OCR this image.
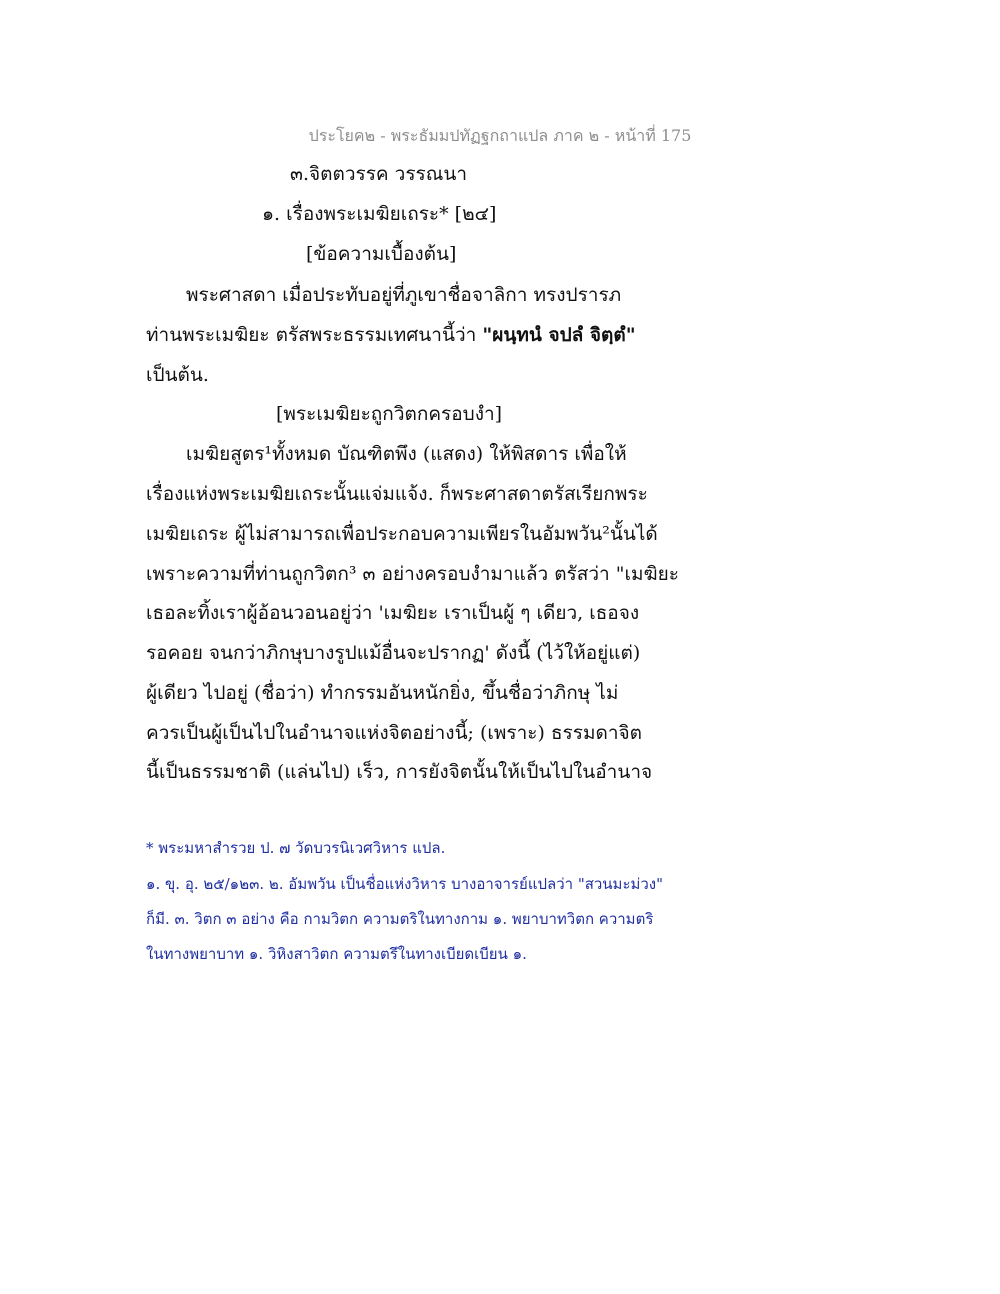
ประโยค๒ - พระธัมมปทัฏฐกถาแปล ภาค ๒ - หน้าที่ 175
๓.จิตตวรรค วรรณนา
๑. เรื่องพระเมฆิยเถระ* [๒๔]
[ข้อความเบื้องต้น]
พระศาสดา เมื่อประทับอยู่ที่ภูเขาชื่อจาลิกา ทรงปรารภ
ท่านพระเมฆิยะ ตรัสพระธรรมเทศนานี้ว่า "ผนฺทนํ จปลํ จิตฺตํ"
เป็นต้น.
[พระเมฆิยะถูกวิตกครอบงำ]
เมฆิยสูตร¹ทั้งหมด บัณฑิตพึง (แสดง) ให้พิสดาร เพื่อให้
เรื่องแห่งพระเมฆิยเถระนั้นแจ่มแจ้ง. ก็พระศาสดาตรัสเรียกพระ
เมฆิยเถระ ผู้ไม่สามารถเพื่อประกอบความเพียรในอัมพวัน²นั้นได้
เพราะความที่ท่านถูกวิตก³ ๓ อย่างครอบงำมาแล้ว ตรัสว่า "เมฆิยะ
เธอละทิ้งเราผู้อ้อนวอนอยู่ว่า 'เมฆิยะ เราเป็นผู้ ๆ เดียว, เธอจง
รอคอย จนกว่าภิกษุบางรูปแม้อื่นจะปรากฏ' ดังนี้ (ไว้ให้อยู่แต่)
ผู้เดียว ไปอยู่ (ชื่อว่า) ทำกรรมอันหนักยิ่ง, ขึ้นชื่อว่าภิกษุ ไม่
ควรเป็นผู้เป็นไปในอำนาจแห่งจิตอย่างนี้; (เพราะ) ธรรมดาจิต
นี้เป็นธรรมชาติ (แล่นไป) เร็ว, การยังจิตนั้นให้เป็นไปในอำนาจ
* พระมหาสำรวย ป. ๗ วัดบวรนิเวศวิหาร แปล.
๑. ขุ. อุ. ๒๕/๑๒๓. ๒. อัมพวัน เป็นชื่อแห่งวิหาร บางอาจารย์แปลว่า "สวนมะม่วง"
ก็มี. ๓. วิตก ๓ อย่าง คือ กามวิตก ความตริในทางกาม ๑. พยาบาทวิตก ความตริ
ในทางพยาบาท ๑. วิหิงสาวิตก ความตรึในทางเบียดเบียน ๑.
